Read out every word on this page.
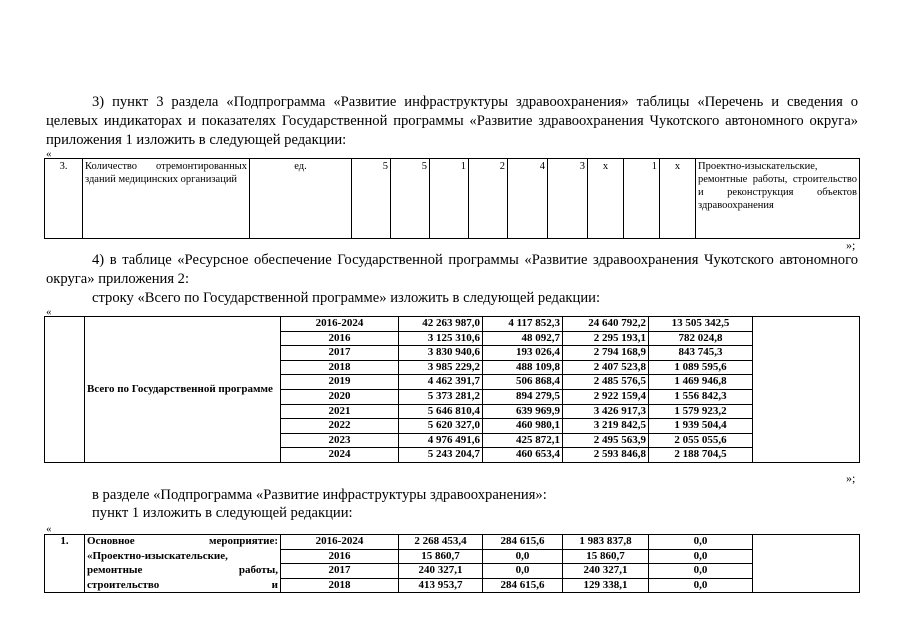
3) пункт 3 раздела «Подпрограмма «Развитие инфраструктуры здравоохранения» таблицы «Перечень и сведения о
целевых индикаторах и показателях Государственной программы «Развитие здравоохранения Чукотского автономного округа» приложения 1 изложить в следующей редакции:
«
3.	Количество отремонтированных зданий медицинских организаций	ед.	5	5	1	2	4	3	х	1	х	Проектно-изыскательские, ремонтные работы, строительство и реконструкция объектов здравоохранения
»;
4) в таблице «Ресурсное обеспечение Государственной программы «Развитие здравоохранения Чукотского автономного округа» приложения 2:
строку «Всего по Государственной программе» изложить в следующей редакции:
«
	Всего по Государственной программе	2016-2024	42 263 987,0	4 117 852,3	24 640 792,2	13 505 342,5	
		2016	3 125 310,6	48 092,7	2 295 193,1	782 024,8	
		2017	3 830 940,6	193 026,4	2 794 168,9	843 745,3	
		2018	3 985 229,2	488 109,8	2 407 523,8	1 089 595,6	
		2019	4 462 391,7	506 868,4	2 485 576,5	1 469 946,8	
		2020	5 373 281,2	894 279,5	2 922 159,4	1 556 842,3	
		2021	5 646 810,4	639 969,9	3 426 917,3	1 579 923,2	
		2022	5 620 327,0	460 980,1	3 219 842,5	1 939 504,4	
		2023	4 976 491,6	425 872,1	2 495 563,9	2 055 055,6	
		2024	5 243 204,7	460 653,4	2 593 846,8	2 188 704,5	
»;
в разделе «Подпрограмма «Развитие инфраструктуры здравоохранения»:
пункт 1 изложить в следующей редакции:
«
1.	Основное мероприятие:	2016-2024	2 268 453,4	284 615,6	1 983 837,8	0,0	
	«Проектно-изыскательские,	2016	15 860,7	0,0	15 860,7	0,0	
	ремонтные работы,	2017	240 327,1	0,0	240 327,1	0,0	
	строительство и	2018	413 953,7	284 615,6	129 338,1	0,0	
